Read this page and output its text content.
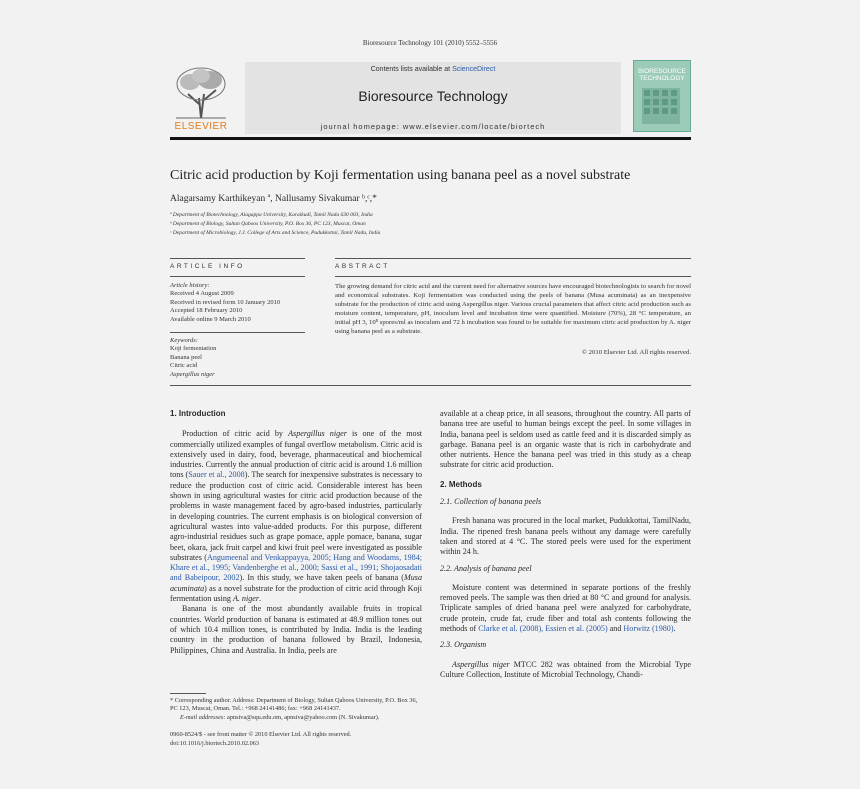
Bioresource Technology 101 (2010) 5552–5556
ELSEVIER
Contents lists available at ScienceDirect
Bioresource Technology
journal homepage: www.elsevier.com/locate/biortech
BIORESOURCE TECHNOLOGY
Citric acid production by Koji fermentation using banana peel as a novel substrate
Alagarsamy Karthikeyan ª, Nallusamy Sivakumar ᵇ,ᶜ,*
ª Department of Biotechnology, Alagappa University, Karaikudi, Tamil Nadu 630 003, India
ᵇ Department of Biology, Sultan Qaboos University, P.O. Box 36, PC 123, Muscat, Oman
ᶜ Department of Microbiology, J.J. College of Arts and Science, Pudukkottai, Tamil Nadu, India
ARTICLE INFO
Article history:
Received 4 August 2009
Received in revised form 10 January 2010
Accepted 18 February 2010
Available online 9 March 2010
Keywords:
Koji fermentation
Banana peel
Citric acid
Aspergillus niger
ABSTRACT
The growing demand for citric acid and the current need for alternative sources have encouraged biotechnologists to search for novel and economical substrates. Koji fermentation was conducted using the peels of banana (Musa acuminata) as an inexpensive substrate for the production of citric acid using Aspergillus niger. Various crucial parameters that affect citric acid production such as moisture content, temperature, pH, inoculum level and incubation time were quantified. Moisture (70%), 28 °C temperature, an initial pH 3, 10⁸ spores/ml as inoculum and 72 h incubation was found to be suitable for maximum citric acid production by A. niger using banana peel as a substrate.
© 2010 Elsevier Ltd. All rights reserved.
1. Introduction
Production of citric acid by Aspergillus niger is one of the most commercially utilized examples of fungal overflow metabolism. Citric acid is extensively used in dairy, food, beverage, pharmaceutical and biochemical industries. Currently the annual production of citric acid is around 1.6 million tons (Sauer et al., 2008). The search for inexpensive substrates is necessary to reduce the production cost of citric acid. Considerable interest has been shown in using agricultural wastes for citric acid production because of the problems in waste management faced by agro-based industries, particularly in developing countries. The current emphasis is on biological conversion of agricultural wastes into value-added products. For this purpose, different agro-industrial residues such as grape pomace, apple pomace, banana, sugar beet, okara, jack fruit carpel and kiwi fruit peel were investigated as possible substrates (Angumeenal and Venkappayya, 2005; Hang and Woodams, 1984; Khare et al., 1995; Vandenberghe et al., 2000; Sassi et al., 1991; Shojaosadati and Babeipour, 2002). In this study, we have taken peels of banana (Musa acuminata) as a novel substrate for the production of citric acid through Koji fermentation using A. niger.
Banana is one of the most abundantly available fruits in tropical countries. World production of banana is estimated at 48.9 million tones out of which 10.4 million tones, is contributed by India. India is the leading country in the production of banana followed by Brazil, Indonesia, Philippines, China and Australia. In India, peels are
* Corresponding author. Address: Department of Biology, Sultan Qaboos University, P.O. Box 36, PC 123, Muscat, Oman. Tel.: +968 24141486; fax: +968 24141437.
E-mail addresses: apnsiva@squ.edu.om, apnsiva@yahoo.com (N. Sivakumar).
0960-8524/$ - see front matter © 2010 Elsevier Ltd. All rights reserved.
doi:10.1016/j.biortech.2010.02.063
available at a cheap price, in all seasons, throughout the country. All parts of banana tree are useful to human beings except the peel. In some villages in India, banana peel is seldom used as cattle feed and it is discarded simply as garbage. Banana peel is an organic waste that is rich in carbohydrate and other nutrients. Hence the banana peel was tried in this study as a cheap substrate for citric acid production.
2. Methods
2.1. Collection of banana peels
Fresh banana was procured in the local market, Pudukkottai, TamilNadu, India. The ripened fresh banana peels without any damage were carefully taken and stored at 4 °C. The stored peels were used for the experiment within 24 h.
2.2. Analysis of banana peel
Moisture content was determined in separate portions of the freshly removed peels. The sample was then dried at 80 °C and ground for analysis. Triplicate samples of dried banana peel were analyzed for carbohydrate, crude protein, crude fat, crude fiber and total ash contents following the methods of Clarke et al. (2008), Essien et al. (2005) and Horwitz (1980).
2.3. Organism
Aspergillus niger MTCC 282 was obtained from the Microbial Type Culture Collection, Institute of Microbial Technology, Chandi-
